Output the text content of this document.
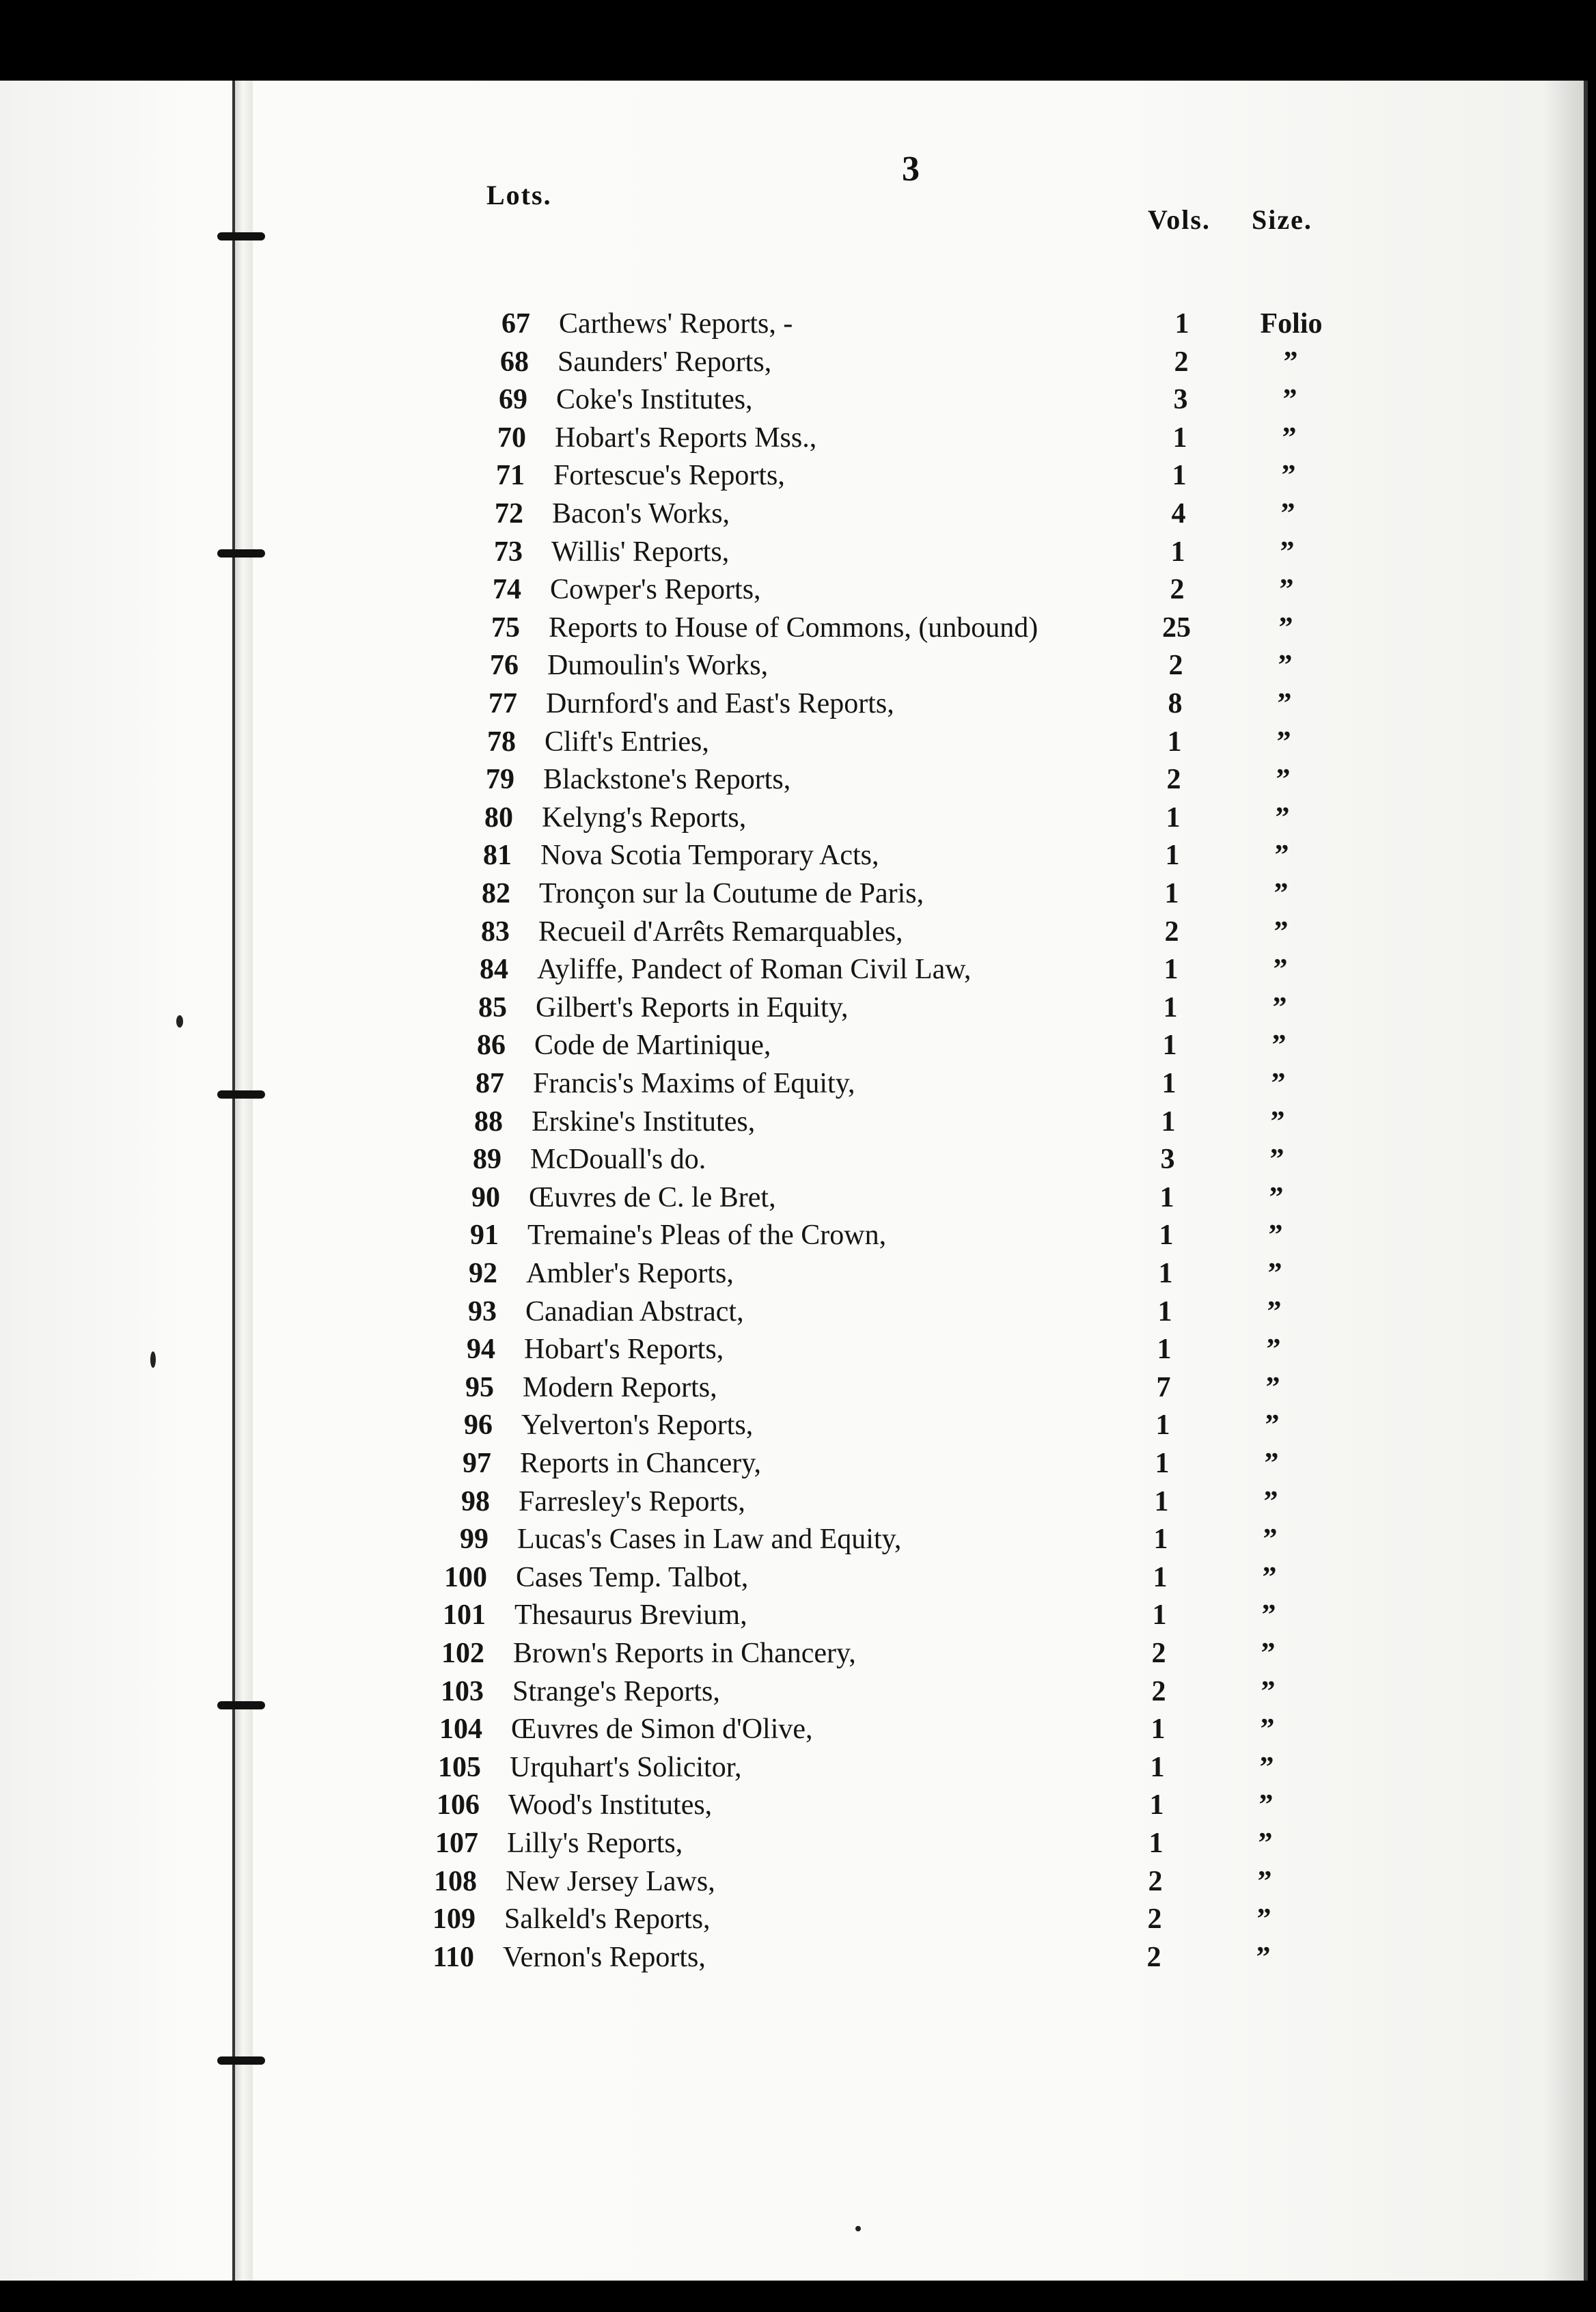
3
Lots.
Vols. Size.
67 Carthews' Reports, -	1	Folio
68 Saunders' Reports,	2	”
69 Coke's Institutes,	3	”
70 Hobart's Reports Mss.,	1	”
71 Fortescue's Reports,	1	”
72 Bacon's Works,	4	”
73 Willis' Reports,	1	”
74 Cowper's Reports,	2	”
75 Reports to House of Commons, (unbound)	25	”
76 Dumoulin's Works,	2	”
77 Durnford's and East's Reports,	8	”
78 Clift's Entries,	1	”
79 Blackstone's Reports,	2	”
80 Kelyng's Reports,	1	”
81 Nova Scotia Temporary Acts,	1	”
82 Tronçon sur la Coutume de Paris,	1	”
83 Recueil d'Arrêts Remarquables,	2	”
84 Ayliffe, Pandect of Roman Civil Law,	1	”
85 Gilbert's Reports in Equity,	1	”
86 Code de Martinique,	1	”
87 Francis's Maxims of Equity,	1	”
88 Erskine's Institutes,	1	”
89 McDouall's do.	3	”
90 Œuvres de C. le Bret,	1	”
91 Tremaine's Pleas of the Crown,	1	”
92 Ambler's Reports,	1	”
93 Canadian Abstract,	1	”
94 Hobart's Reports,	1	”
95 Modern Reports,	7	”
96 Yelverton's Reports,	1	”
97 Reports in Chancery,	1	”
98 Farresley's Reports,	1	”
99 Lucas's Cases in Law and Equity,	1	”
100 Cases Temp. Talbot,	1	”
101 Thesaurus Brevium,	1	”
102 Brown's Reports in Chancery,	2	”
103 Strange's Reports,	2	”
104 Œuvres de Simon d'Olive,	1	”
105 Urquhart's Solicitor,	1	”
106 Wood's Institutes,	1	”
107 Lilly's Reports,	1	”
108 New Jersey Laws,	2	”
109 Salkeld's Reports,	2	”
110 Vernon's Reports,	2	”
